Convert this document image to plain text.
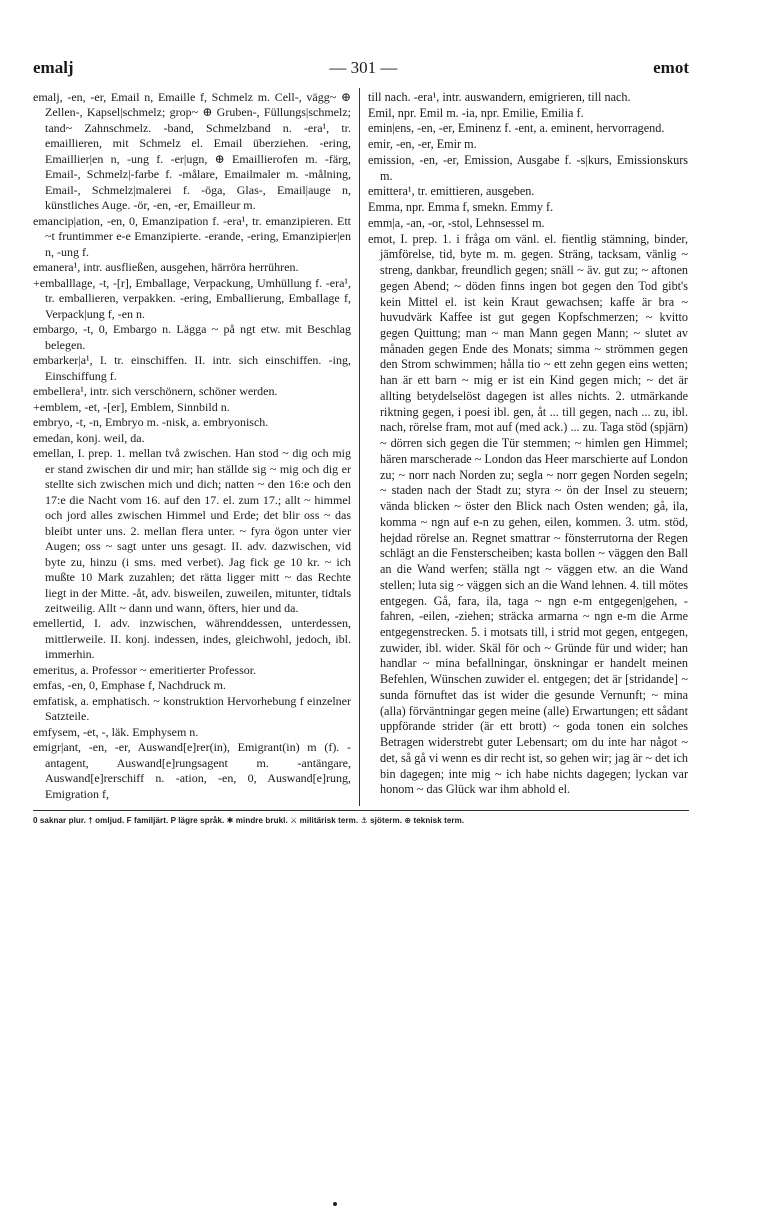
emalj	— 301 —	emot

emalj, -en, -er, Email n, Emaille f, Schmelz m. Cell-, vägg~ ⊕ Zellen-, Kapsel|schmelz; grop~ ⊕ Gruben-, Füllungs|schmelz; tand~ Zahnschmelz. -band, Schmelzband n. -era¹, tr. emaillieren, mit Schmelz el. Email überziehen. -ering, Emaillier|en n, -ung f. -er|ugn, ⊕ Emaillierofen m. -färg, Email-, Schmelz|-farbe f. -målare, Emailmaler m. -målning, Email-, Schmelz|malerei f. -öga, Glas-, Email|auge n, künstliches Auge. -ör, -en, -er, Emailleur m.

emancip|ation, -en, 0, Emanzipation f. -era¹, tr. emanzipieren. Ett ~t fruntimmer e-e Emanzipierte. -erande, -ering, Emanzipier|en n, -ung f.

emanera¹, intr. ausfließen, ausgehen, härröra herrühren.

+emballlage, -t, -[r], Emballage, Verpackung, Umhüllung f. -era¹, tr. emballieren, verpakken. -ering, Emballierung, Emballage f, Verpack|ung f, -en n.

embargo, -t, 0, Embargo n. Lägga ~ på ngt etw. mit Beschlag belegen.

embarker|a¹, I. tr. einschiffen. II. intr. sich einschiffen. -ing, Einschiffung f.

embellera¹, intr. sich verschönern, schöner werden.

+emblem, -et, -[er], Emblem, Sinnbild n.

embryo, -t, -n, Embryo m. -nisk, a. embryonisch.

emedan, konj. weil, da.

emellan, I. prep. 1. mellan två zwischen. Han stod ~ dig och mig er stand zwischen dir und mir; han ställde sig ~ mig och dig er stellte sich zwischen mich und dich; natten ~ den 16:e och den 17:e die Nacht vom 16. auf den 17. el. zum 17.; allt ~ himmel och jord alles zwischen Himmel und Erde; det blir oss ~ das bleibt unter uns. 2. mellan flera unter. ~ fyra ögon unter vier Augen; oss ~ sagt unter uns gesagt. II. adv. dazwischen, vid byte zu, hinzu (i sms. med verbet). Jag fick ge 10 kr. ~ ich mußte 10 Mark zuzahlen; det rätta ligger mitt ~ das Rechte liegt in der Mitte. -åt, adv. bisweilen, zuweilen, mitunter, tidtals zeitweilig. Allt ~ dann und wann, öfters, hier und da.

emellertid, I. adv. inzwischen, währenddessen, unterdessen, mittlerweile. II. konj. indessen, indes, gleichwohl, jedoch, ibl. immerhin.

emeritus, a. Professor ~ emeritierter Professor.

emfas, -en, 0, Emphase f, Nachdruck m.

emfatisk, a. emphatisch. ~ konstruktion Hervorhebung f einzelner Satzteile.

emfysem, -et, -, läk. Emphysem n.

emigr|ant, -en, -er, Auswand[e]rer(in), Emigrant(in) m (f). -antagent, Auswand[e]rungsagent m. -antängare, Auswand[e]rerschiff n. -ation, -en, 0, Auswand[e]rung, Emigration f,

till nach. -era¹, intr. auswandern, emigrieren, till nach.

Emil, npr. Emil m. -ia, npr. Emilie, Emilia f.

emin|ens, -en, -er, Eminenz f. -ent, a. eminent, hervorragend.

emir, -en, -er, Emir m.

emission, -en, -er, Emission, Ausgabe f. -s|kurs, Emissionskurs m.

emittera¹, tr. emittieren, ausgeben.

Emma, npr. Emma f, smekn. Emmy f.

emm|a, -an, -or, -stol, Lehnsessel m.

emot, I. prep. 1. i fråga om vänl. el. fientlig stämning, binder, jämförelse, tid, byte m. m. gegen. Sträng, tacksam, vänlig ~ streng, dankbar, freundlich gegen; snäll ~ äv. gut zu; ~ aftonen gegen Abend; ~ döden finns ingen bot gegen den Tod gibt's kein Mittel el. ist kein Kraut gewachsen; kaffe är bra ~ huvudvärk Kaffee ist gut gegen Kopfschmerzen; ~ kvitto gegen Quittung; man ~ man Mann gegen Mann; ~ slutet av månaden gegen Ende des Monats; simma ~ strömmen gegen den Strom schwimmen; hålla tio ~ ett zehn gegen eins wetten; han är ett barn ~ mig er ist ein Kind gegen mich; ~ det är allting betydelselöst dagegen ist alles nichts. 2. utmärkande riktning gegen, i poesi ibl. gen, åt ... till gegen, nach ... zu, ibl. nach, rörelse fram, mot auf (med ack.) ... zu. Taga stöd (spjärn) ~ dörren sich gegen die Tür stemmen; ~ himlen gen Himmel; hären marscherade ~ London das Heer marschierte auf London zu; ~ norr nach Norden zu; segla ~ norr gegen Norden segeln; ~ staden nach der Stadt zu; styra ~ ön der Insel zu steuern; vända blicken ~ öster den Blick nach Osten wenden; gå, ila, komma ~ ngn auf e-n zu gehen, eilen, kommen. 3. utm. stöd, hejdad rörelse an. Regnet smattrar ~ fönsterrutorna der Regen schlägt an die Fensterscheiben; kasta bollen ~ väggen den Ball an die Wand werfen; ställa ngt ~ väggen etw. an die Wand stellen; luta sig ~ väggen sich an die Wand lehnen. 4. till mötes entgegen. Gå, fara, ila, taga ~ ngn e-m entgegen|gehen, -fahren, -eilen, -ziehen; sträcka armarna ~ ngn e-m die Arme entgegenstrecken. 5. i motsats till, i strid mot gegen, entgegen, zuwider, ibl. wider. Skäl för och ~ Gründe für und wider; han handlar ~ mina befallningar, önskningar er handelt meinen Befehlen, Wünschen zuwider el. entgegen; det är [stridande] ~ sunda förnuftet das ist wider die gesunde Vernunft; ~ mina (alla) förväntningar gegen meine (alle) Erwartungen; ett sådant uppförande strider (är ett brott) ~ goda tonen ein solches Betragen widerstrebt guter Lebensart; om du inte har något ~ det, så gå vi wenn es dir recht ist, so gehen wir; jag är ~ det ich bin dagegen; inte mig ~ ich habe nichts dagegen; lyckan var honom ~ das Glück war ihm abhold el.

0 saknar plur. † omljud. F familjärt. P lägre språk. ✱ mindre brukl. ⚔ militärisk term. ⚓ sjöterm. ⊕ teknisk term.
